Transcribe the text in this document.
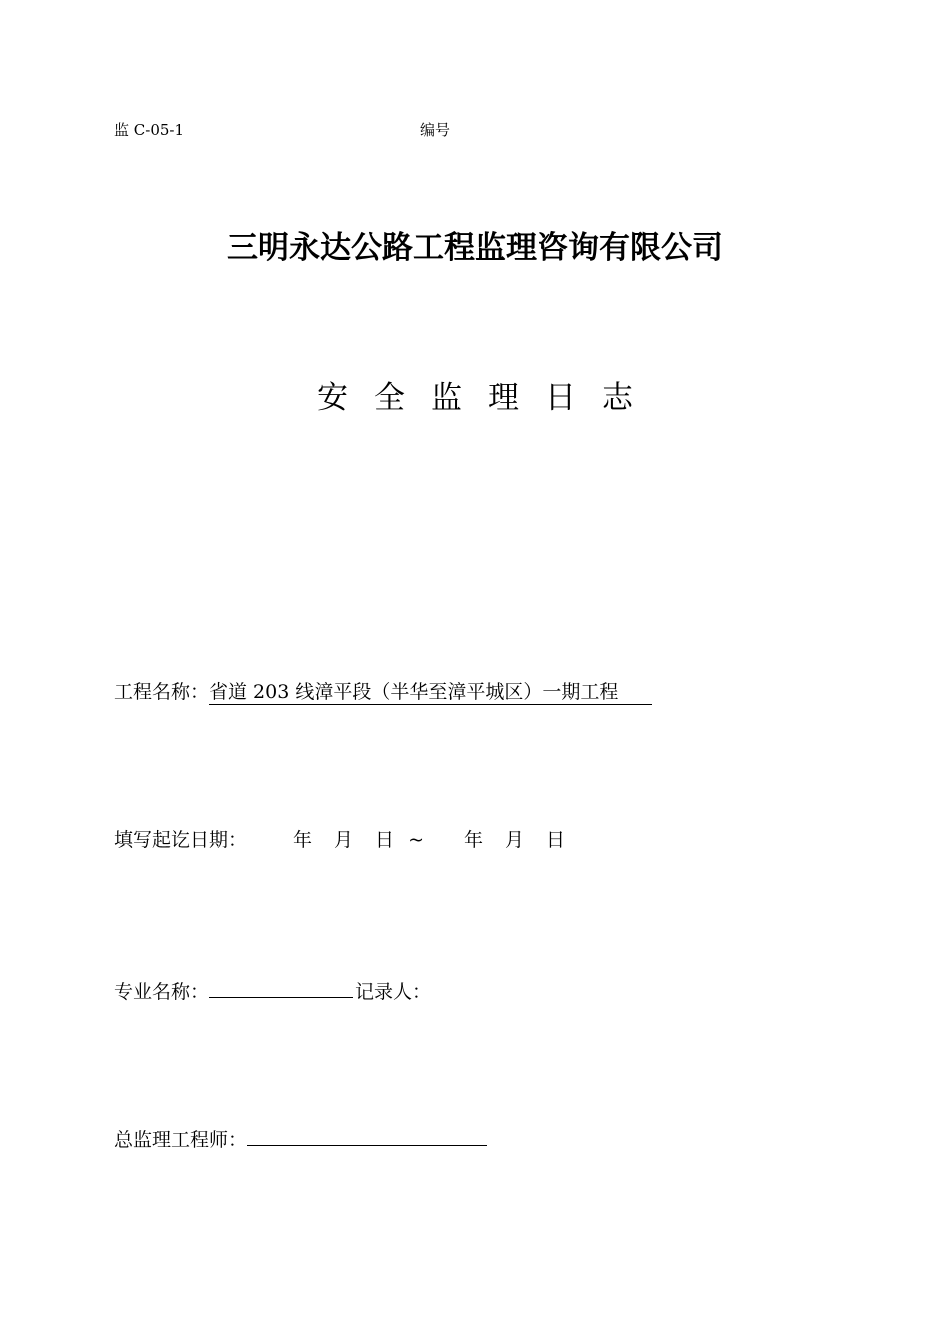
监 C-05-1	编号
三明永达公路工程监理咨询有限公司
安全监理日志
工程名称： 省道 203 线漳平段（半华至漳平城区）一期工程
填写起讫日期： 年 月 日 ~ 年 月 日
专业名称：	记录人：
总监理工程师：
